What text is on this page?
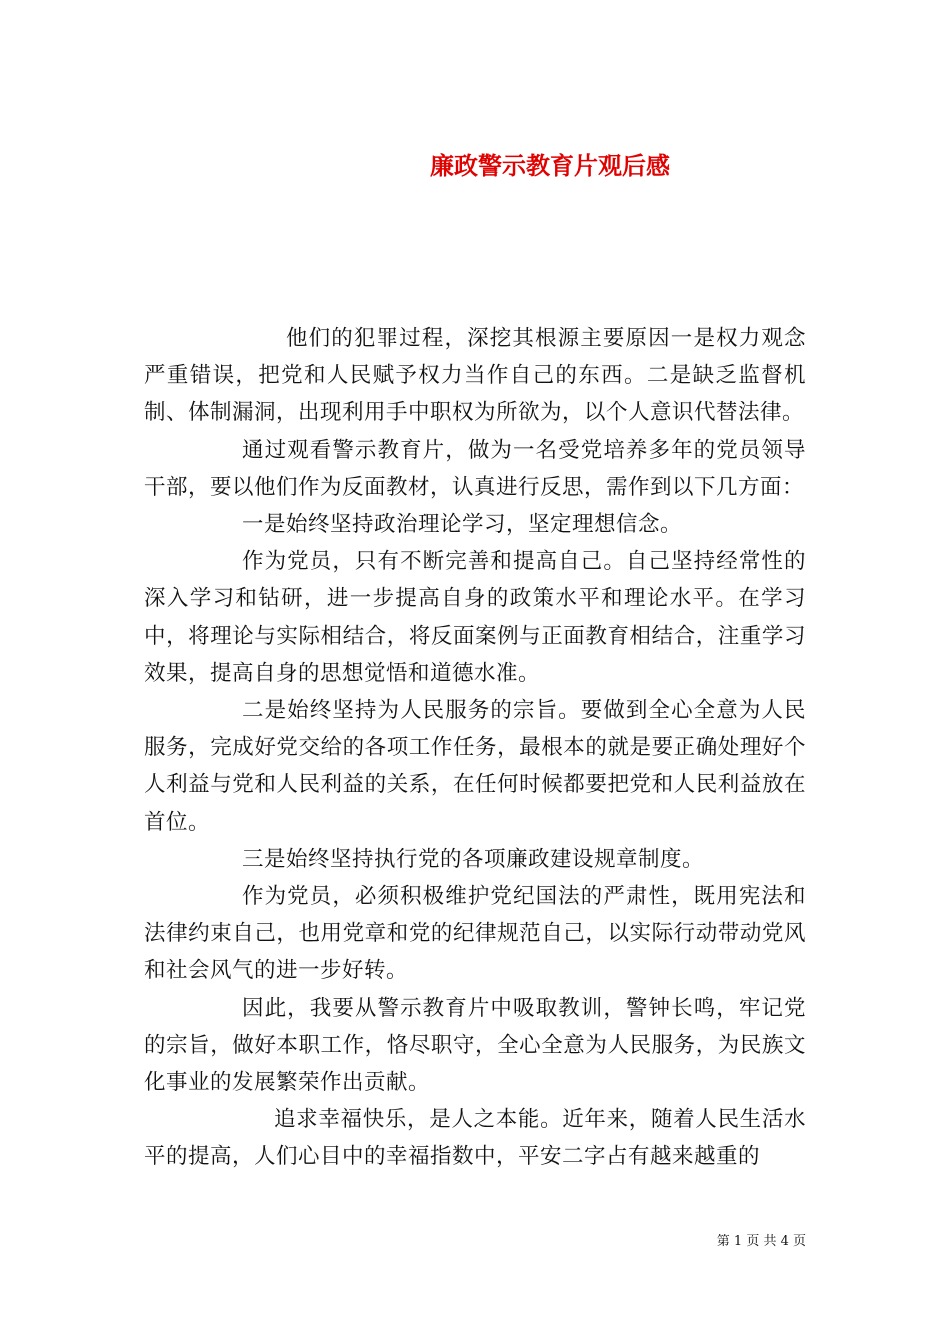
廉政警示教育片观后感

他们的犯罪过程，深挖其根源主要原因一是权力观念严重错误，把党和人民赋予权力当作自己的东西。二是缺乏监督机制、体制漏洞，出现利用手中职权为所欲为，以个人意识代替法律。

通过观看警示教育片，做为一名受党培养多年的党员领导干部，要以他们作为反面教材，认真进行反思，需作到以下几方面：

一是始终坚持政治理论学习，坚定理想信念。

作为党员，只有不断完善和提高自己。自己坚持经常性的深入学习和钻研，进一步提高自身的政策水平和理论水平。在学习中，将理论与实际相结合，将反面案例与正面教育相结合，注重学习效果，提高自身的思想觉悟和道德水准。

二是始终坚持为人民服务的宗旨。要做到全心全意为人民服务，完成好党交给的各项工作任务，最根本的就是要正确处理好个人利益与党和人民利益的关系，在任何时候都要把党和人民利益放在首位。

三是始终坚持执行党的各项廉政建设规章制度。

作为党员，必须积极维护党纪国法的严肃性，既用宪法和法律约束自己，也用党章和党的纪律规范自己，以实际行动带动党风和社会风气的进一步好转。

因此，我要从警示教育片中吸取教训，警钟长鸣，牢记党的宗旨，做好本职工作，恪尽职守，全心全意为人民服务，为民族文化事业的发展繁荣作出贡献。

追求幸福快乐，是人之本能。近年来，随着人民生活水平的提高，人们心目中的幸福指数中，平安二字占有越来越重的

第 1 页 共 4 页
